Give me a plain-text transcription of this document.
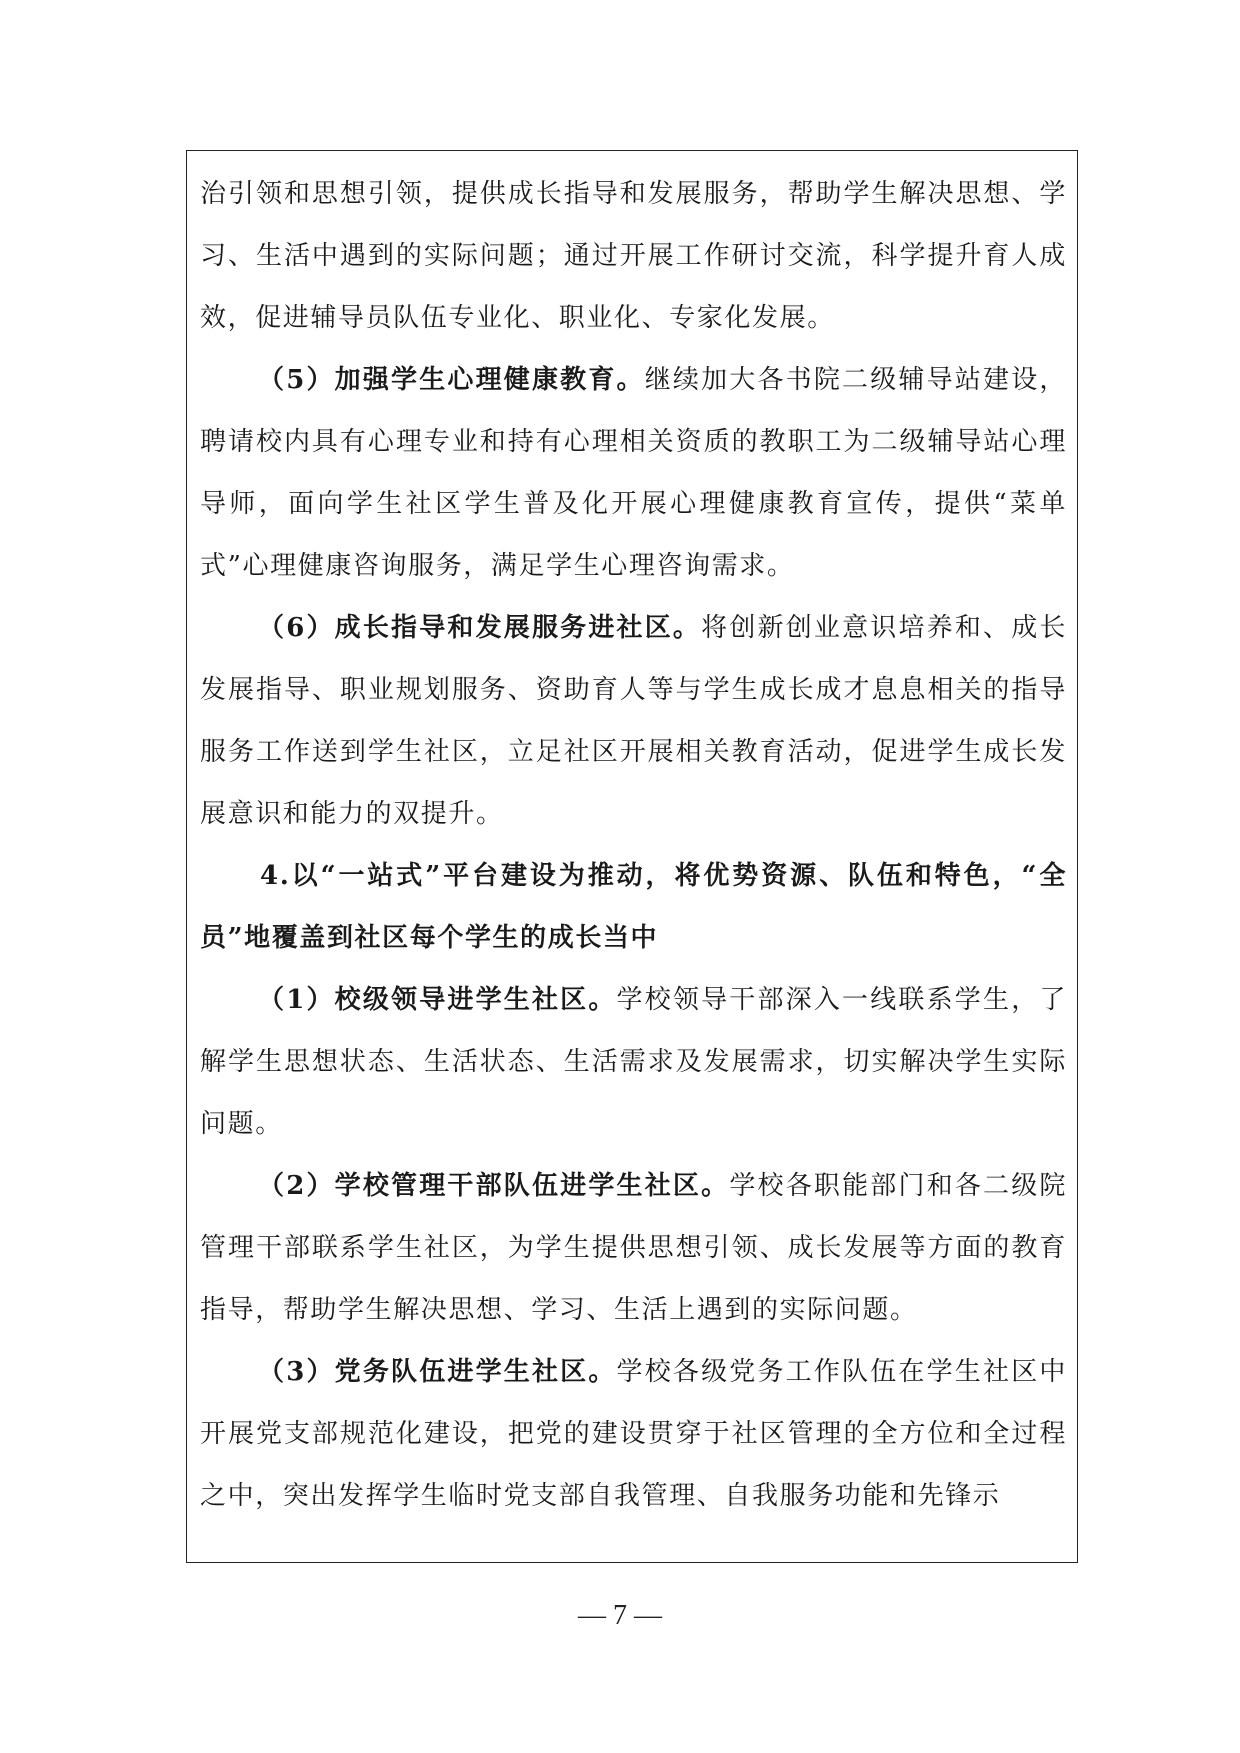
治引领和思想引领，提供成长指导和发展服务，帮助学生解决思想、学习、生活中遇到的实际问题；通过开展工作研讨交流，科学提升育人成效，促进辅导员队伍专业化、职业化、专家化发展。

（5）加强学生心理健康教育。继续加大各书院二级辅导站建设，聘请校内具有心理专业和持有心理相关资质的教职工为二级辅导站心理导师，面向学生社区学生普及化开展心理健康教育宣传，提供“菜单式”心理健康咨询服务，满足学生心理咨询需求。

（6）成长指导和发展服务进社区。将创新创业意识培养和、成长发展指导、职业规划服务、资助育人等与学生成长成才息息相关的指导服务工作送到学生社区，立足社区开展相关教育活动，促进学生成长发展意识和能力的双提升。

4.以“一站式”平台建设为推动，将优势资源、队伍和特色，“全员”地覆盖到社区每个学生的成长当中

（1）校级领导进学生社区。学校领导干部深入一线联系学生，了解学生思想状态、生活状态、生活需求及发展需求，切实解决学生实际问题。

（2）学校管理干部队伍进学生社区。学校各职能部门和各二级院管理干部联系学生社区，为学生提供思想引领、成长发展等方面的教育指导，帮助学生解决思想、学习、生活上遇到的实际问题。

（3）党务队伍进学生社区。学校各级党务工作队伍在学生社区中开展党支部规范化建设，把党的建设贯穿于社区管理的全方位和全过程之中，突出发挥学生临时党支部自我管理、自我服务功能和先锋示

— 7 —
